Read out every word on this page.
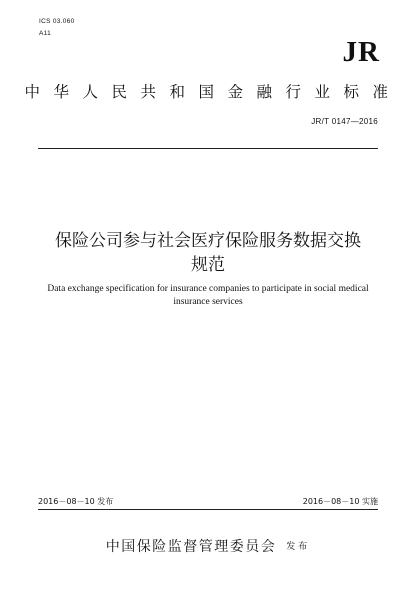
ICS 03.060
A11
JR
中华人民共和国金融行业标准
JR/T 0147—2016
保险公司参与社会医疗保险服务数据交换
规范
Data exchange specification for insurance companies to participate in social medical
insurance services
2016－08－10 发布	2016－08－10 实施
中国保险监督管理委员会 发布
